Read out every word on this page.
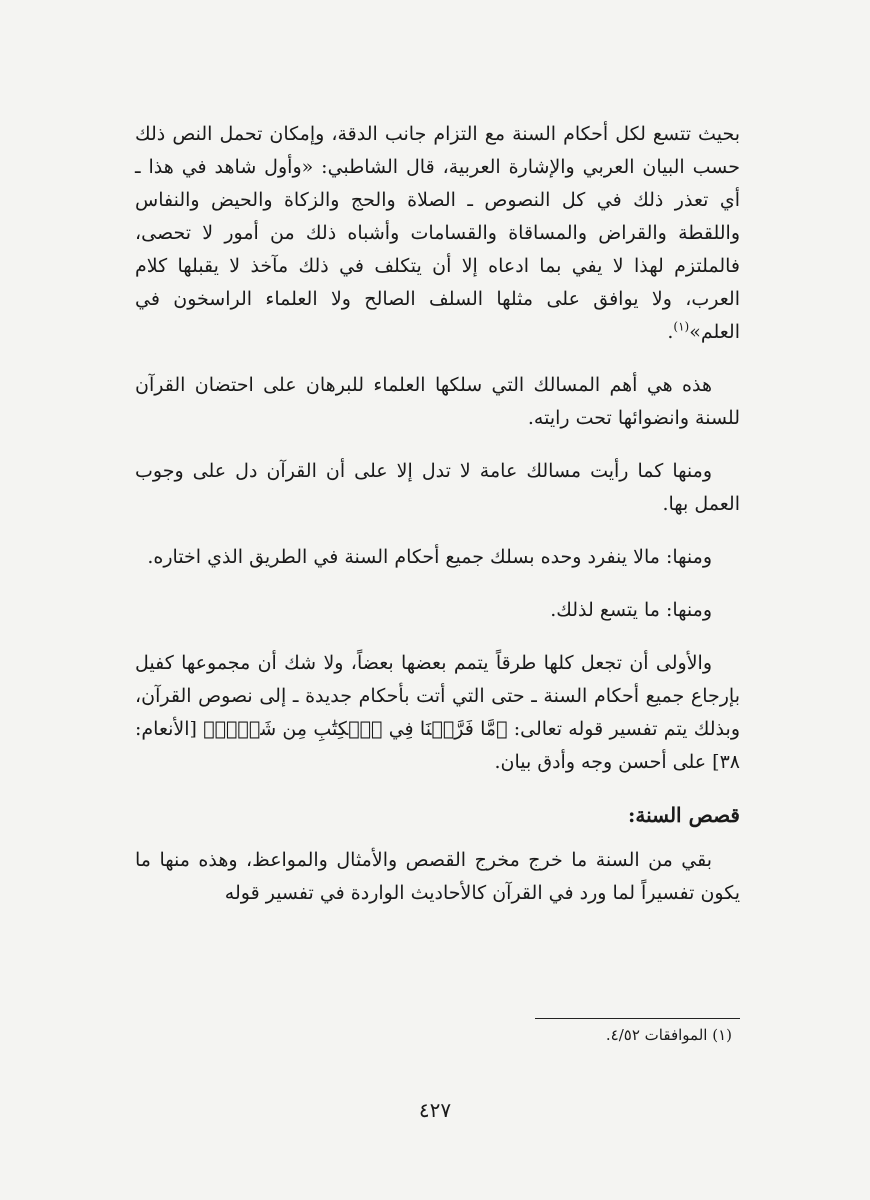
بحيث تتسع لكل أحكام السنة مع التزام جانب الدقة، وإمكان تحمل النص ذلك حسب البيان العربي والإشارة العربية، قال الشاطبي: «وأول شاهد في هذا ـ أي تعذر ذلك في كل النصوص ـ الصلاة والحج والزكاة والحيض والنفاس واللقطة والقراض والمساقاة والقسامات وأشباه ذلك من أمور لا تحصى، فالملتزم لهذا لا يفي بما ادعاه إلا أن يتكلف في ذلك مآخذ لا يقبلها كلام العرب، ولا يوافق على مثلها السلف الصالح ولا العلماء الراسخون في العلم»$^{(١)}$.

هذه هي أهم المسالك التي سلكها العلماء للبرهان على احتضان القرآن للسنة وانضوائها تحت رايته.

ومنها كما رأيت مسالك عامة لا تدل إلا على أن القرآن دل على وجوب العمل بها.

ومنها: مالا ينفرد وحده بسلك جميع أحكام السنة في الطريق الذي اختاره.

ومنها: ما يتسع لذلك.

والأولى أن تجعل كلها طرقاً يتمم بعضها بعضاً، ولا شك أن مجموعها كفيل بإرجاع جميع أحكام السنة ـ حتى التي أتت بأحكام جديدة ـ إلى نصوص القرآن، وبذلك يتم تفسير قوله تعالى: ﴿مَّا فَرَّطۡنَا فِي ٱلۡكِتَٰبِ مِن شَيۡءٖ﴾ [الأنعام: ٣٨] على أحسن وجه وأدق بيان.

قصص السنة:

بقي من السنة ما خرج مخرج القصص والأمثال والمواعظ، وهذه منها ما يكون تفسيراً لما ورد في القرآن كالأحاديث الواردة في تفسير قوله

(١) الموافقات ٤/٥٢.
٤٢٧
